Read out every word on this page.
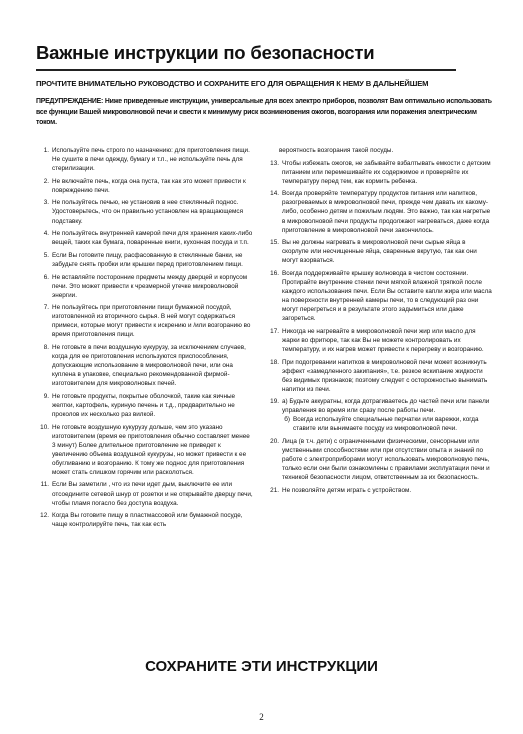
Важные инструкции по безопасности
ПРОЧТИТЕ ВНИМАТЕЛЬНО РУКОВОДСТВО И СОХРАНИТЕ ЕГО ДЛЯ ОБРАЩЕНИЯ К НЕМУ В ДАЛЬНЕЙШЕМ
ПРЕДУПРЕЖДЕНИЕ: Ниже приведенные инструкции, универсальные для всех электро приборов, позволят Вам оптимально использовать все функции Вашей микроволновой печи и свести к минимуму риск возникновения ожогов, возгорания или поражения электрическим током.
1. Используйте печь строго по назначению: для приготовления пищи. Не сушите в печи одежду, бумагу и т.п., не используйте печь для стерилизации.
2. Не включайте печь, когда она пуста, так как это может привести к повреждению печи.
3. Не пользуйтесь печью, не установив в нее стеклянный поднос. Удостоверьтесь, что он правильно установлен на вращающемся подставку.
4. Не пользуйтесь внутренней камерой печи для хранения каких-либо вещей, таких как бумага, поваренные книги, кухонная посуда и т.п.
5. Если Вы готовите пищу, расфасованную в стеклянные банки, не забудьте снять пробки или крышки перед приготовлением пищи.
6. Не вставляйте посторонние предметы между дверцей и корпусом печи. Это может привести к чрезмерной утечке микроволновой энергии.
7. Не пользуйтесь при приготовлении пищи бумажной посудой, изготовленной из вторичного сырья. В ней могут содержаться примеси, которые могут привести к искрению и /или возгоранию во время приготовления пищи.
8. Не готовьте в печи воздушную кукурузу, за исключением случаев, когда для ее приготовления используются приспособления, допускающие использование в микроволновой печи, или она куплена в упаковке, специально рекомендованной фирмой-изготовителем для микроволновых печей.
9. Не готовьте продукты, покрытые оболочкой, такие как яичные желтки, картофель, куриную печень и т.д., предварительно не проколов их несколько раз вилкой.
10. Не готовьте воздушную кукурузу дольше, чем это указано изготовителем (время ее приготовления обычно составляет менее 3 минут) Более длительное приготовление не приведет к увеличению объема воздушной кукурузы, но может привести к ее обугливанию и возгоранию. К тому же поднос для приготовления может стать слишком горячим или расколоться.
11. Если Вы заметили , что из печи идет дым, выключите ее или отсоедините сетевой шнур от розетки и не открывайте дверцу печи, чтобы пламя погасло без доступа воздуха.
12. Когда Вы готовите пищу в пластмассовой или бумажной посуде, чаще контролируйте печь, так как есть
вероятность возгорания такой посуды.
13. Чтобы избежать ожогов, не забывайте взбалтывать емкости с детским питанием или перемешивайте их содержимое и проверяйте их температуру перед тем, как кормить ребенка.
14. Всегда проверяйте температуру продуктов питания или напитков, разогреваемых в микроволновой печи, прежде чем давать их какому-либо, особенно детям и пожилым людям. Это важно, так как нагретые в микроволновой печи продукты продолжают нагреваться, даже когда приготовление в микроволновой печи закончилось.
15. Вы не должны нагревать в микроволновой печи сырые яйца в скорлупе или несчищенные яйца, сваренные вкрутую, так как они могут взорваться.
16. Всегда поддерживайте крышку волновода в чистом состоянии. Протирайте внутренние стенки печи мягкой влажной тряпкой после каждого использования печи. Если Вы оставите капли жира или масла на поверхности внутренней камеры печи, то в следующий раз они могут перегреться и в результате этого задымиться или даже загореться.
17. Никогда не нагревайте в микроволновой печи жир или масло для жарки во фритюре, так как Вы не можете контролировать их температуру, и их нагрев может привести к перегреву и возгоранию.
18. При подогревании напитков в микроволновой печи может возникнуть эффект «замедленного закипания», т.е. резкое вскипание жидкости без видимых признаков; поэтому следует с осторожностью вынимать напитки из печи.
19. а) Будьте аккуратны, когда дотрагиваетесь до частей печи или панели управления во время или сразу после работы печи.
б) Всегда используйте специальные перчатки или варежки, когда ставите или вынимаете посуду из микроволновой печи.
20. Лица (в т.ч. дети) с ограниченными физическими, сенсорными или умственными способностями или при отсутствии опыта и знаний по работе с электроприборами могут использовать микроволновую печь, только если они были ознакомлены с правилами эксплуатации печи и техникой безопасности лицом, ответственным за их безопасность.
21. Не позволяйте детям играть с устройством.
СОХРАНИТЕ ЭТИ ИНСТРУКЦИИ
2
